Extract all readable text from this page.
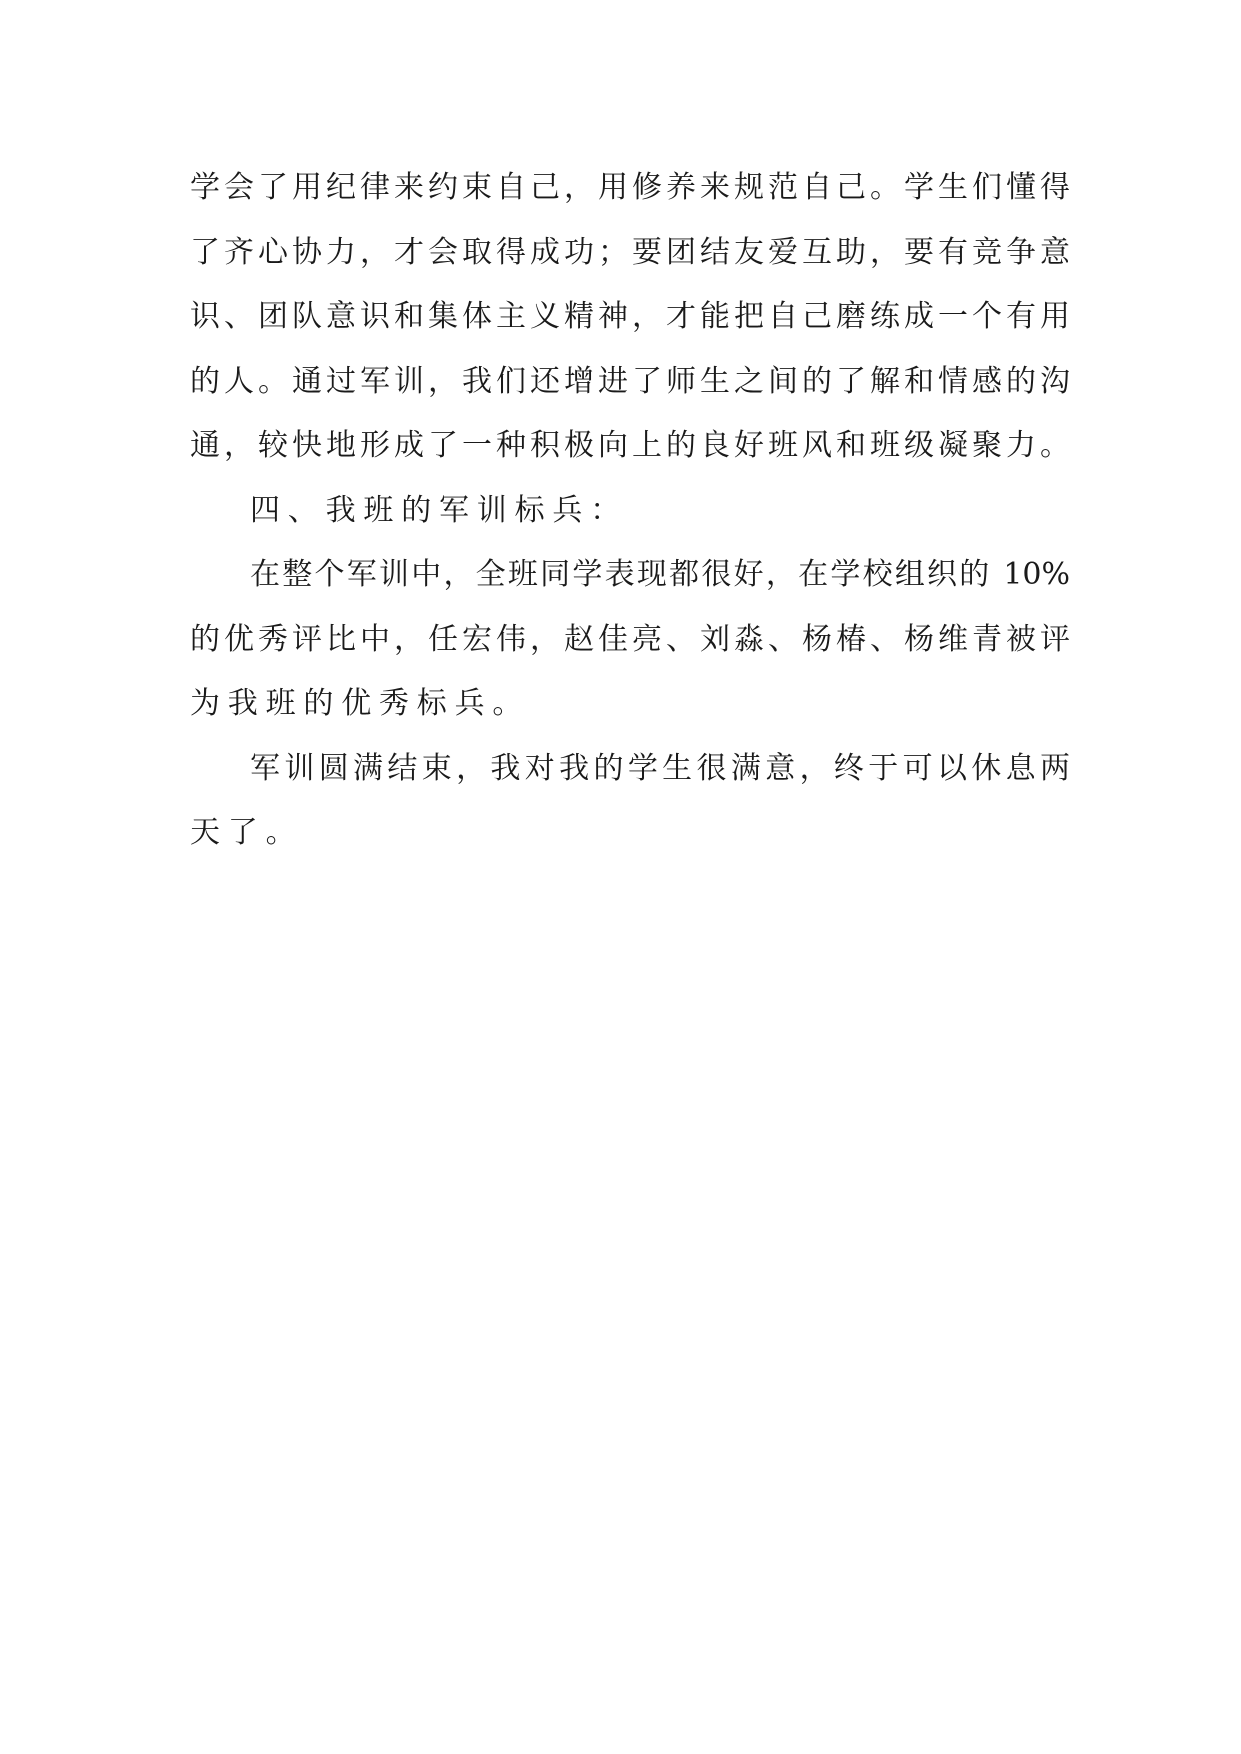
学会了用纪律来约束自己，用修养来规范自己。学生们懂得
了齐心协力，才会取得成功；要团结友爱互助，要有竞争意
识、团队意识和集体主义精神，才能把自己磨练成一个有用
的人。通过军训，我们还增进了师生之间的了解和情感的沟
通，较快地形成了一种积极向上的良好班风和班级凝聚力。
四、我班的军训标兵：
在整个军训中，全班同学表现都很好，在学校组织的 10%
的优秀评比中，任宏伟，赵佳亮、刘淼、杨椿、杨维青被评
为我班的优秀标兵。
军训圆满结束，我对我的学生很满意，终于可以休息两
天了。
